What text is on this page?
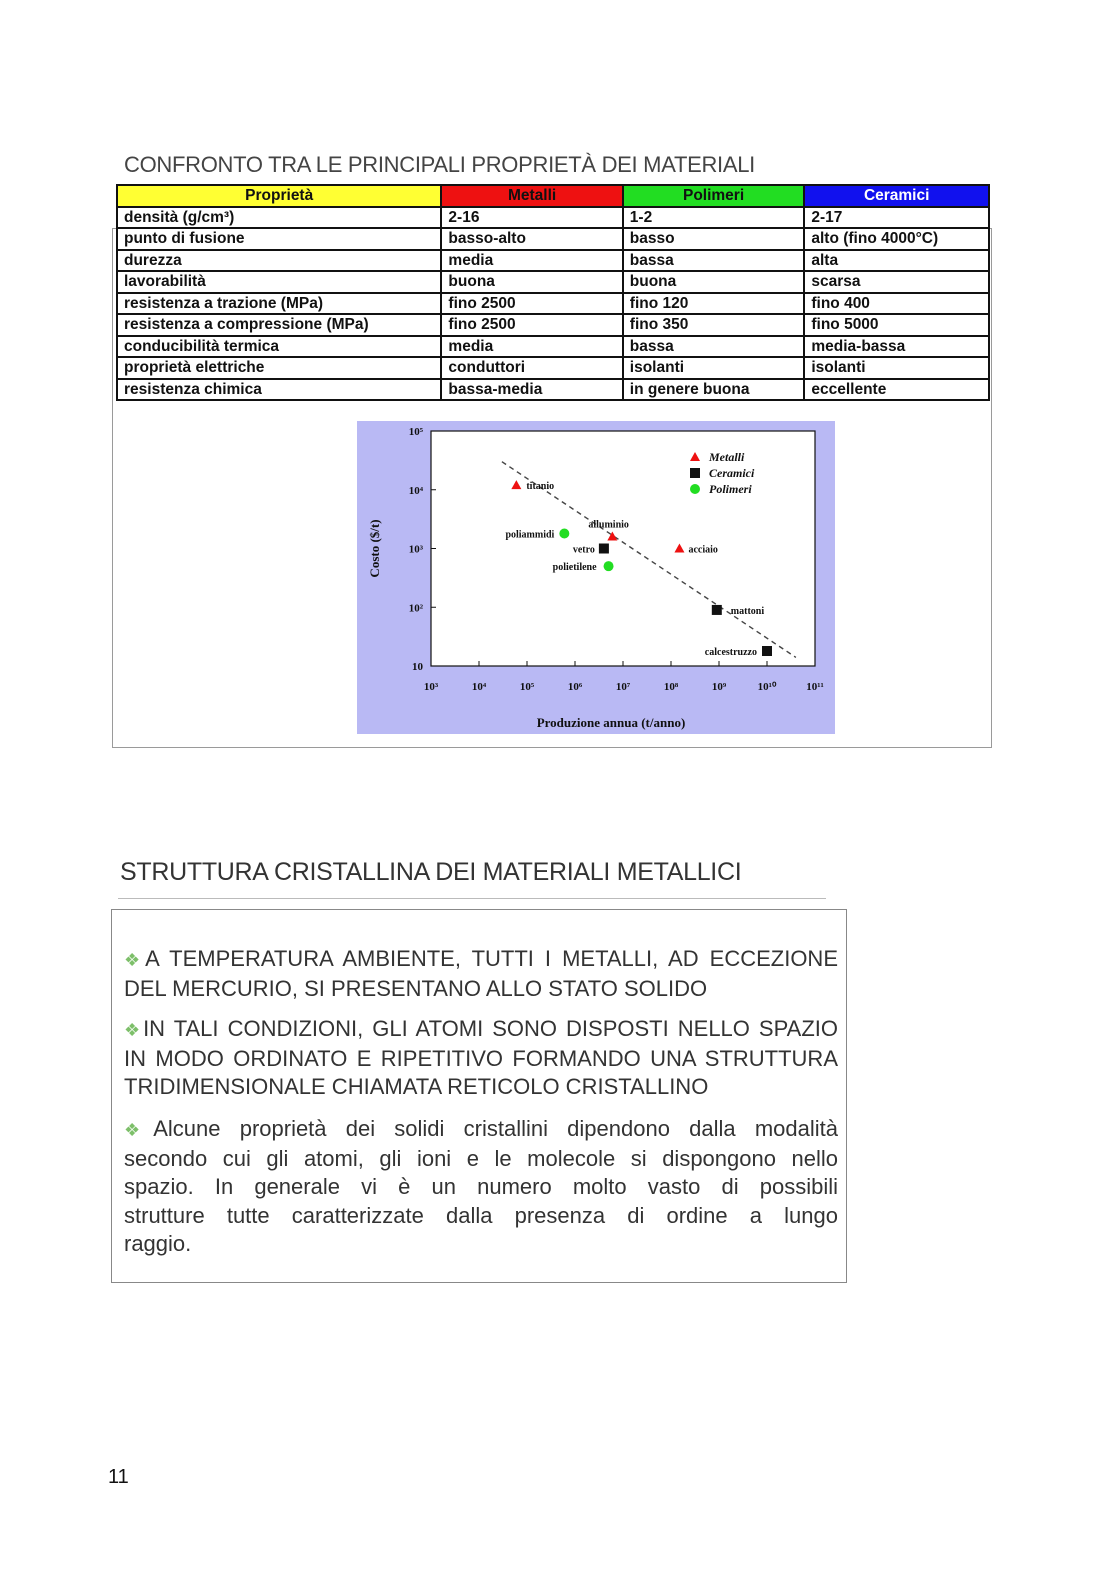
CONFRONTO TRA LE PRINCIPALI PROPRIETÀ DEI MATERIALI
Proprietà	Metalli	Polimeri	Ceramici
densità (g/cm³)	2-16	1-2	2-17
punto di fusione	basso-alto	basso	alto (fino 4000°C)
durezza	media	bassa	alta
lavorabilità	buona	buona	scarsa
resistenza a trazione (MPa)	fino 2500	fino 120	fino 400
resistenza a compressione (MPa)	fino 2500	fino 350	fino 5000
conducibilità termica	media	bassa	media-bassa
proprietà elettriche	conduttori	isolanti	isolanti
resistenza chimica	bassa-media	in genere buona	eccellente
10³	10⁴	10⁵	10⁶	10⁷	10⁸	10⁹	10¹⁰	10¹¹
10
10²
10³
10⁴
10⁵
Produzione annua (t/anno)
Costo ($/t)
titanio
alluminio
acciaio
vetro
mattoni
calcestruzzo
poliammidi
polietilene
Metalli
Ceramici
Polimeri
STRUTTURA CRISTALLINA DEI MATERIALI METALLICI
❖A TEMPERATURA AMBIENTE, TUTTI I METALLI, AD ECCEZIONE
DEL MERCURIO, SI PRESENTANO ALLO STATO SOLIDO
❖IN TALI CONDIZIONI, GLI ATOMI SONO DISPOSTI NELLO SPAZIO
IN MODO ORDINATO E RIPETITIVO FORMANDO UNA STRUTTURA
TRIDIMENSIONALE CHIAMATA RETICOLO CRISTALLINO
❖Alcune proprietà dei solidi cristallini dipendono dalla modalità
secondo cui gli atomi, gli ioni e le molecole si dispongono nello
spazio. In generale vi è un numero molto vasto di possibili
strutture tutte caratterizzate dalla presenza di ordine a lungo
raggio.
11
